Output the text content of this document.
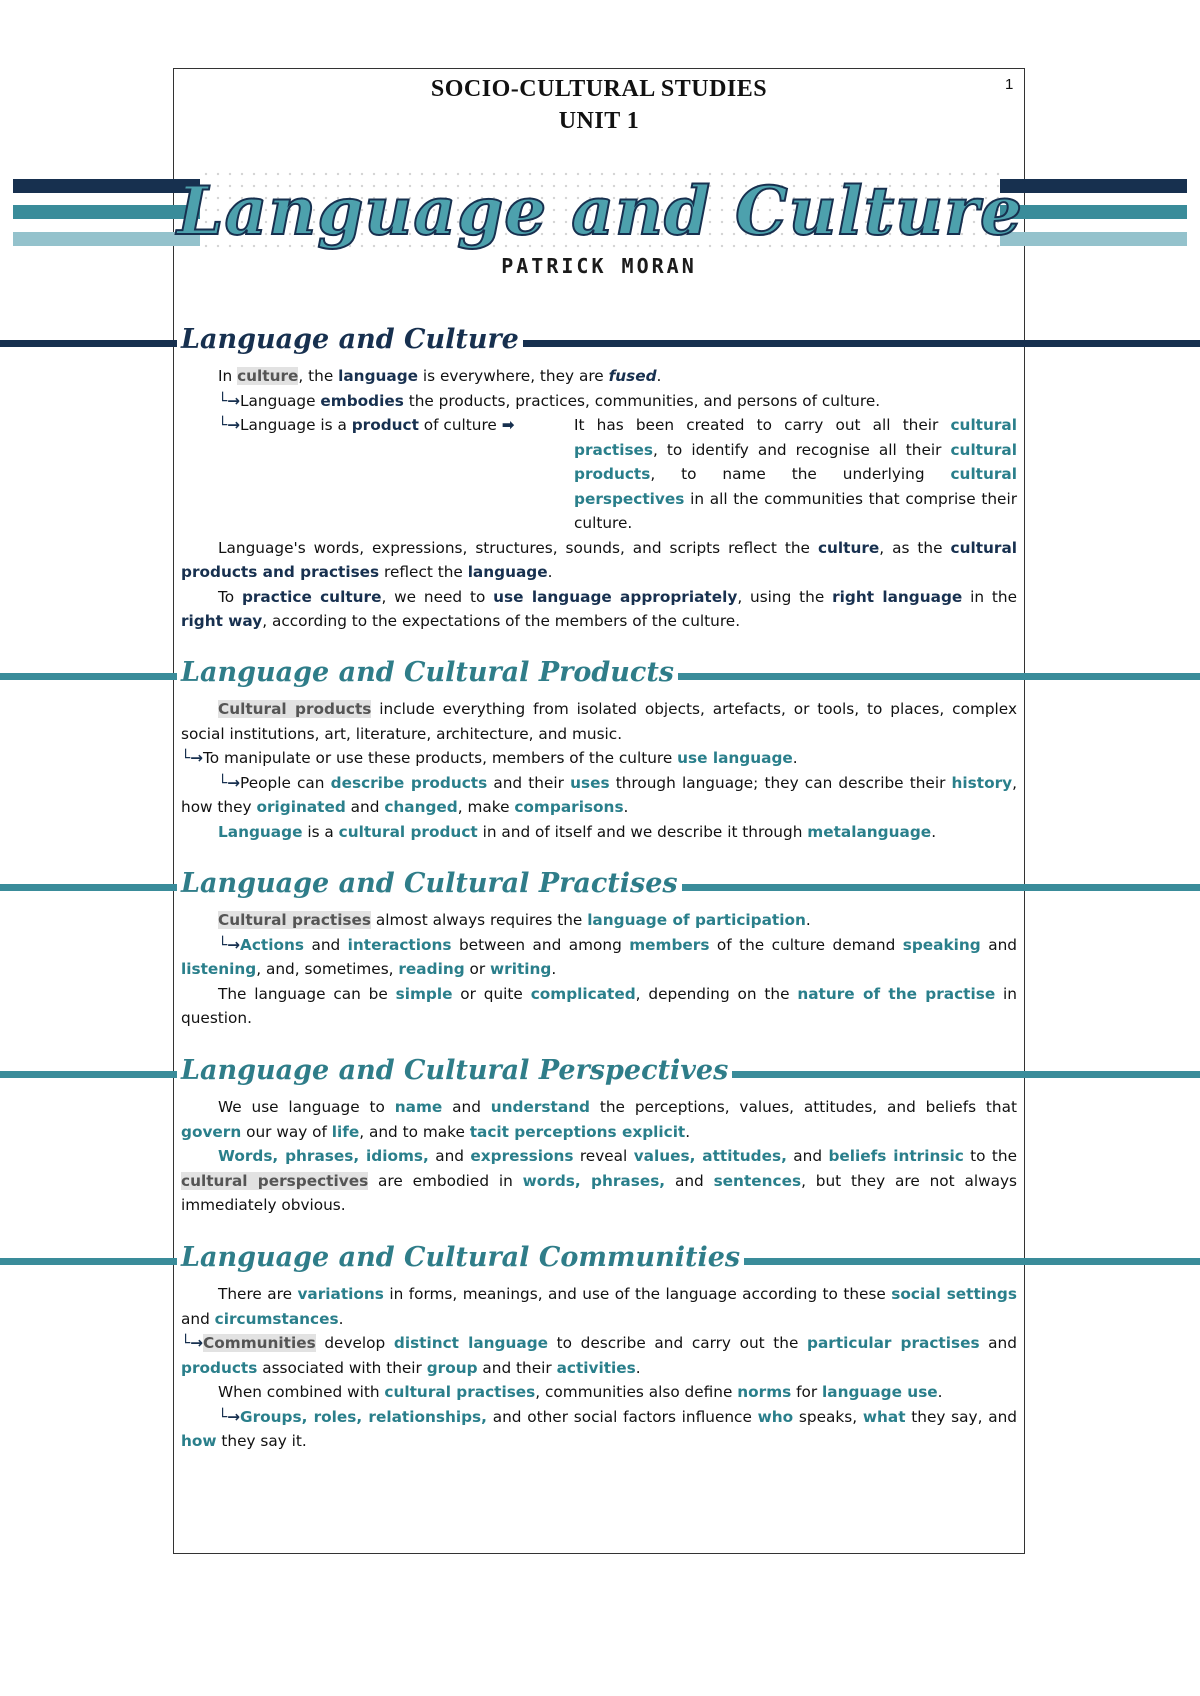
1
SOCIO-CULTURAL STUDIES
UNIT 1
Language and Culture
PATRICK MORAN
Language and Culture

In culture, the language is everywhere, they are fused.

└→Language embodies the products, practices, communities, and persons of culture.

└→Language is a product of culture ➡	It has been created to carry out all their cultural practises, to identify and recognise all their cultural products, to name the underlying cultural perspectives in all the communities that comprise their culture.

Language's words, expressions, structures, sounds, and scripts reflect the culture, as the cultural products and practises reflect the language.

To practice culture, we need to use language appropriately, using the right language in the right way, according to the expectations of the members of the culture.

Language and Cultural Products

Cultural products include everything from isolated objects, artefacts, or tools, to places, complex social institutions, art, literature, architecture, and music.

└→To manipulate or use these products, members of the culture use language.

└→People can describe products and their uses through language; they can describe their history, how they originated and changed, make comparisons.

Language is a cultural product in and of itself and we describe it through metalanguage.

Language and Cultural Practises

Cultural practises almost always requires the language of participation.

└→Actions and interactions between and among members of the culture demand speaking and listening, and, sometimes, reading or writing.

The language can be simple or quite complicated, depending on the nature of the practise in question.

Language and Cultural Perspectives

We use language to name and understand the perceptions, values, attitudes, and beliefs that govern our way of life, and to make tacit perceptions explicit.

Words, phrases, idioms, and expressions reveal values, attitudes, and beliefs intrinsic to the cultural perspectives are embodied in words, phrases, and sentences, but they are not always immediately obvious.

Language and Cultural Communities

There are variations in forms, meanings, and use of the language according to these social settings and circumstances.

└→Communities develop distinct language to describe and carry out the particular practises and products associated with their group and their activities.

When combined with cultural practises, communities also define norms for language use.

└→Groups, roles, relationships, and other social factors influence who speaks, what they say, and how they say it.
